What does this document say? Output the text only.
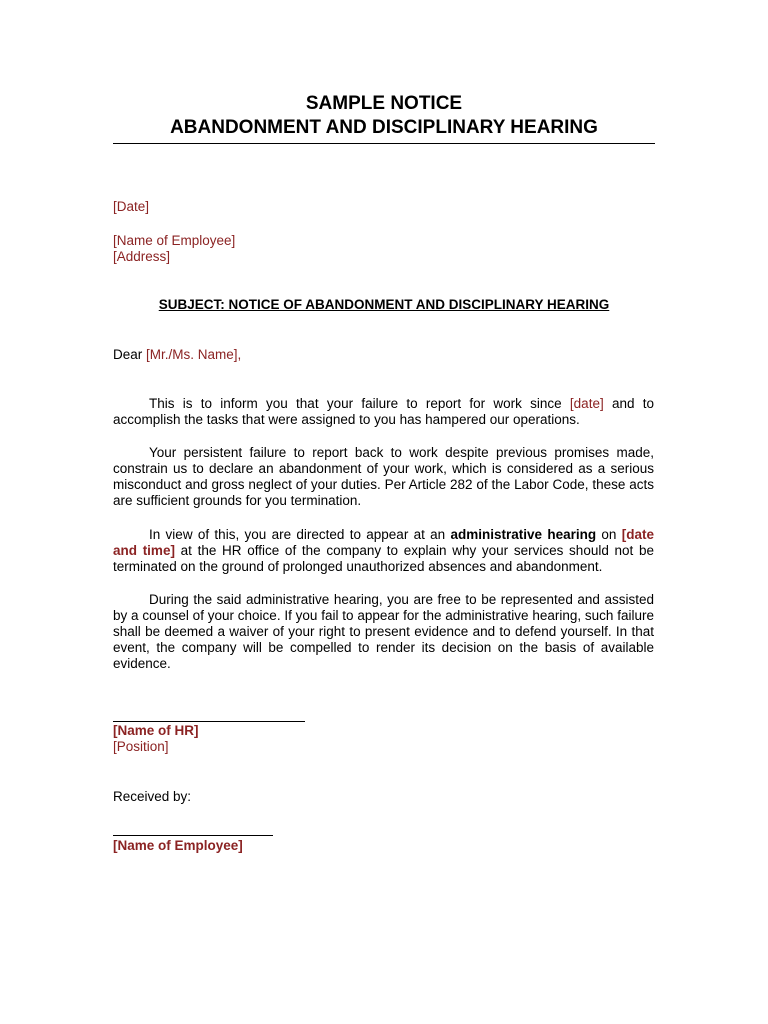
SAMPLE NOTICE
ABANDONMENT AND DISCIPLINARY HEARING
[Date]
[Name of Employee]
[Address]
SUBJECT: NOTICE OF ABANDONMENT AND DISCIPLINARY HEARING
Dear [Mr./Ms. Name],
This is to inform you that your failure to report for work since [date] and to accomplish the tasks that were assigned to you has hampered our operations.
Your persistent failure to report back to work despite previous promises made, constrain us to declare an abandonment of your work, which is considered as a serious misconduct and gross neglect of your duties. Per Article 282 of the Labor Code, these acts are sufficient grounds for you termination.
In view of this, you are directed to appear at an administrative hearing on [date and time] at the HR office of the company to explain why your services should not be terminated on the ground of prolonged unauthorized absences and abandonment.
During the said administrative hearing, you are free to be represented and assisted by a counsel of your choice. If you fail to appear for the administrative hearing, such failure shall be deemed a waiver of your right to present evidence and to defend yourself. In that event, the company will be compelled to render its decision on the basis of available evidence.
[Name of HR]
[Position]
Received by:
[Name of Employee]
